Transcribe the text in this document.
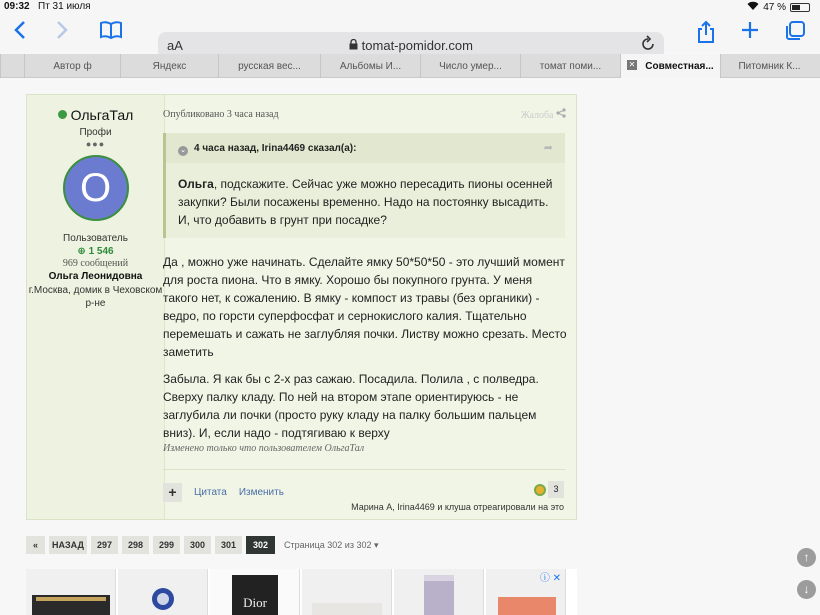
09:32 Пт 31 июля	47 %
аА	tomat-pomidor.com
Автор ф	Яндекс	русская вес...	Альбомы И...	Число умер...	томат поми...	✕ Совместная... Питомник К...
ОльгаТал
Профи
●●●
O
Пользователь
⊕ 1 546
969 сообщений
Ольга Леонидовна
г.Москва, домик в Чеховском р-не
Опубликовано 3 часа назад	Жалоба
⌄ 4 часа назад, Irina4469 сказал(а):	➦
Ольга, подскажите. Сейчас уже можно пересадить пионы осенней закупки? Были посажены временно. Надо на постоянку высадить. И, что добавить в грунт при посадке?

Да , можно уже начинать. Сделайте ямку 50*50*50 - это лучший момент для роста пиона. Что в ямку. Хорошо бы покупного грунта. У меня такого нет, к сожалению. В ямку - компост из травы (без органики) - ведро, по горсти суперфосфат и сернокислого калия. Тщательно перемешать и сажать не заглубляя почки. Листву можно срезать. Место заметить

Забыла. Я как бы с 2-х раз сажаю. Посадила. Полила , с полведра. Сверху палку кладу. По ней на втором этапе ориентируюсь - не заглубила ли почки (просто руку кладу на палку большим пальцем вниз). И, если надо - подтягиваю к верху

Изменено только что пользователем ОльгаТал
+	Цитата Изменить	3
Марина А, Irina4469 и клуша отреагировали на это
«	НАЗАД	297	298	299	300	301	302	Страница 302 из 302 ▾
↑
↓
Dior
ⓘ ✕
